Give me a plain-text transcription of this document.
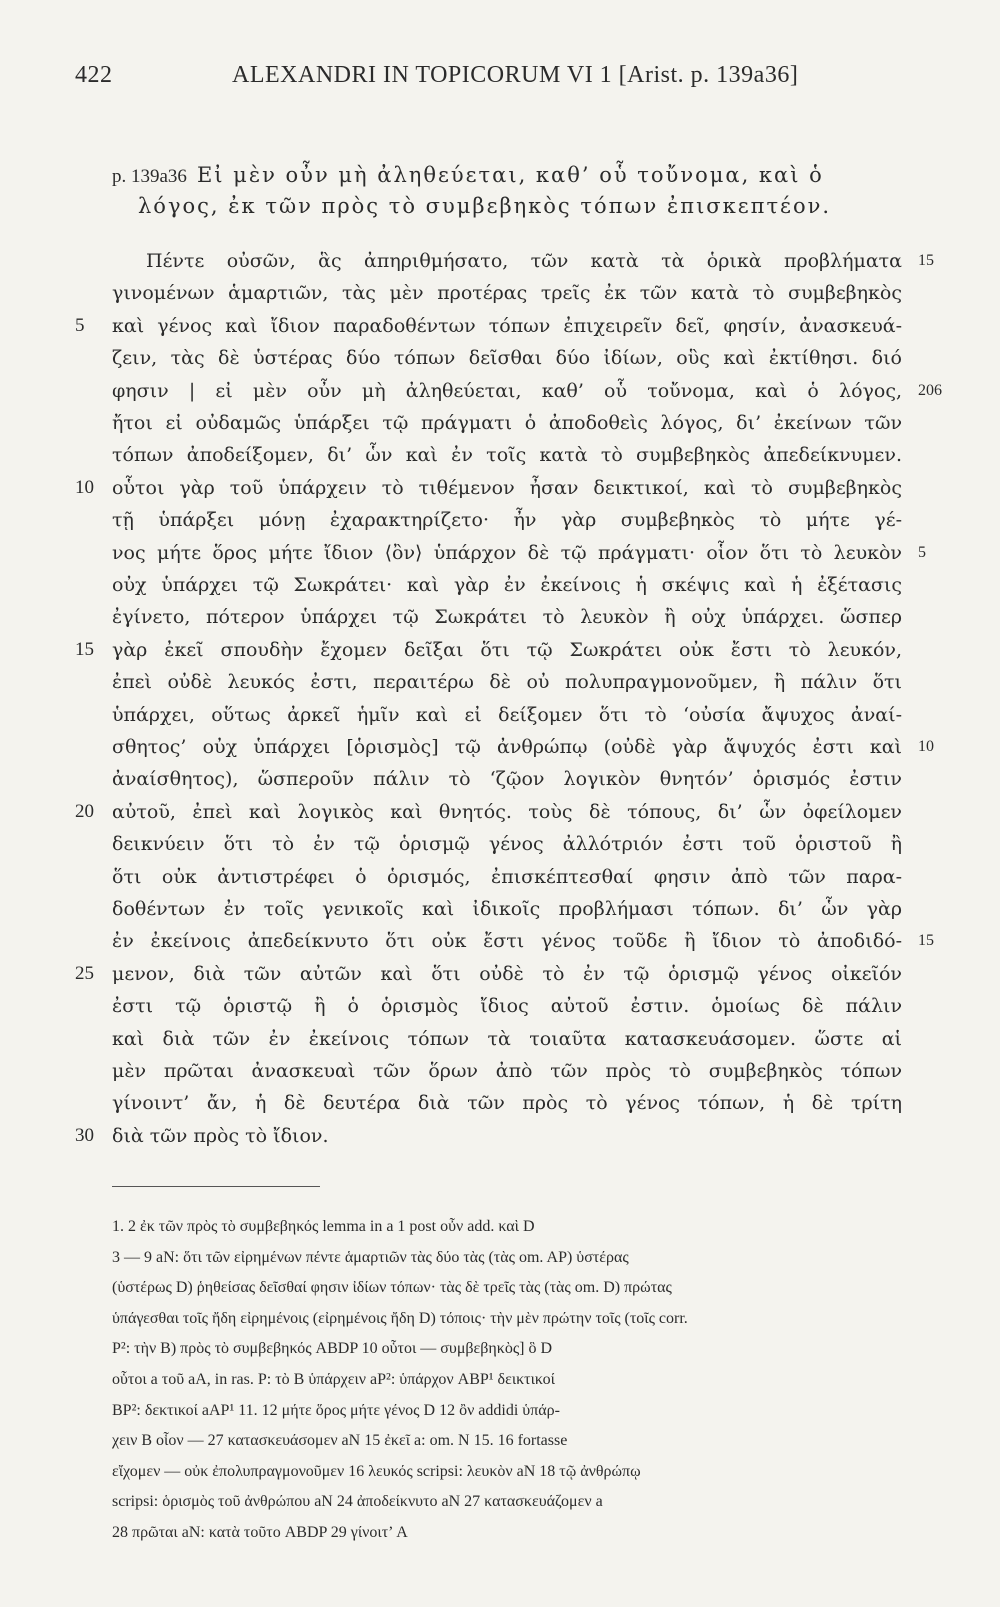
422	ALEXANDRI IN TOPICORUM VI 1 [Arist. p. 139a36]
p. 139a36 Εἰ μὲν οὖν μὴ ἀληθεύεται, καθ’ οὗ τοὔνομα, καὶ ὁ
λόγος, ἐκ τῶν πρὸς τὸ συμβεβηκὸς τόπων ἐπισκεπτέον.
Πέντε οὐσῶν, ἃς ἀπηριθμήσατο, τῶν κατὰ τὰ ὁρικὰ προβλήματα 15
γινομένων ἁμαρτιῶν, τὰς μὲν προτέρας τρεῖς ἐκ τῶν κατὰ τὸ συμβεβηκὸς
καὶ γένος καὶ ἴδιον παραδοθέντων τόπων ἐπιχειρεῖν δεῖ, φησίν, ἀνασκευά-
5
ζειν, τὰς δὲ ὑστέρας δύο τόπων δεῖσθαι δύο ἰδίων, οὓς καὶ ἐκτίθησι. διό
φησιν | εἰ μὲν οὖν μὴ ἀληθεύεται, καθ’ οὗ τοὔνομα, καὶ ὁ λόγος, 206
ἤτοι εἰ οὐδαμῶς ὑπάρξει τῷ πράγματι ὁ ἀποδοθεὶς λόγος, δι’ ἐκείνων τῶν
τόπων ἀποδείξομεν, δι’ ὧν καὶ ἐν τοῖς κατὰ τὸ συμβεβηκὸς ἀπεδείκνυμεν.
οὗτοι γὰρ τοῦ ὑπάρχειν τὸ τιθέμενον ἦσαν δεικτικοί, καὶ τὸ συμβεβηκὸς
10
τῇ ὑπάρξει μόνῃ ἐχαρακτηρίζετο· ἦν γὰρ συμβεβηκὸς τὸ μήτε γέ-
νος μήτε ὅρος μήτε ἴδιον ⟨ὂν⟩ ὑπάρχον δὲ τῷ πράγματι· οἷον ὅτι τὸ λευκὸν 5
οὐχ ὑπάρχει τῷ Σωκράτει· καὶ γὰρ ἐν ἐκείνοις ἡ σκέψις καὶ ἡ ἐξέτασις
ἐγίνετο, πότερον ὑπάρχει τῷ Σωκράτει τὸ λευκὸν ἢ οὐχ ὑπάρχει. ὥσπερ
γὰρ ἐκεῖ σπουδὴν ἔχομεν δεῖξαι ὅτι τῷ Σωκράτει οὐκ ἔστι τὸ λευκόν,
15
ἐπεὶ οὐδὲ λευκός ἐστι, περαιτέρω δὲ οὐ πολυπραγμονοῦμεν, ἢ πάλιν ὅτι
ὑπάρχει, οὕτως ἀρκεῖ ἡμῖν καὶ εἰ δείξομεν ὅτι τὸ ‘οὐσία ἄψυχος ἀναί-
σθητος’ οὐχ ὑπάρχει [ὁρισμὸς] τῷ ἀνθρώπῳ (οὐδὲ γὰρ ἄψυχός ἐστι καὶ 10
ἀναίσθητος), ὥσπεροῦν πάλιν τὸ ‘ζῷον λογικὸν θνητόν’ ὁρισμός ἐστιν
αὐτοῦ, ἐπεὶ καὶ λογικὸς καὶ θνητός. τοὺς δὲ τόπους, δι’ ὧν ὀφείλομεν
20
δεικνύειν ὅτι τὸ ἐν τῷ ὁρισμῷ γένος ἀλλότριόν ἐστι τοῦ ὁριστοῦ ἢ
ὅτι οὐκ ἀντιστρέφει ὁ ὁρισμός, ἐπισκέπτεσθαί φησιν ἀπὸ τῶν παρα-
δοθέντων ἐν τοῖς γενικοῖς καὶ ἰδικοῖς προβλήμασι τόπων. δι’ ὧν γὰρ
ἐν ἐκείνοις ἀπεδείκνυτο ὅτι οὐκ ἔστι γένος τοῦδε ἢ ἴδιον τὸ ἀποδιδό- 15
μενον, διὰ τῶν αὐτῶν καὶ ὅτι οὐδὲ τὸ ἐν τῷ ὁρισμῷ γένος οἰκεῖόν
25
ἐστι τῷ ὁριστῷ ἢ ὁ ὁρισμὸς ἴδιος αὐτοῦ ἐστιν. ὁμοίως δὲ πάλιν
καὶ διὰ τῶν ἐν ἐκείνοις τόπων τὰ τοιαῦτα κατασκευάσομεν. ὥστε αἱ
μὲν πρῶται ἀνασκευαὶ τῶν ὅρων ἀπὸ τῶν πρὸς τὸ συμβεβηκὸς τόπων
γίνοιντ’ ἄν, ἡ δὲ δευτέρα διὰ τῶν πρὸς τὸ γένος τόπων, ἡ δὲ τρίτη
διὰ τῶν πρὸς τὸ ἴδιον.
30
1. 2 ἐκ τῶν πρὸς τὸ συμβεβηκός lemma in a 1 post οὖν add. καὶ D
3 — 9 aN: ὅτι τῶν εἰρημένων πέντε ἁμαρτιῶν τὰς δύο τὰς (τὰς om. AP) ὑστέρας
(ὑστέρως D) ῥηθείσας δεῖσθαί φησιν ἰδίων τόπων· τὰς δὲ τρεῖς τὰς (τὰς om. D) πρώτας
ὑπάγεσθαι τοῖς ἤδη εἰρημένοις (εἰρημένοις ἤδη D) τόποις· τὴν μὲν πρώτην τοῖς (τοῖς corr.
P²: τὴν B) πρὸς τὸ συμβεβηκός ABDP 10 οὗτοι — συμβεβηκὸς] ὃ D
οὗτοι a τοῦ aA, in ras. P: τὸ B ὑπάρχειν aP²: ὑπάρχον ABP¹ δεικτικοί
BP²: δεκτικοί aAP¹ 11. 12 μήτε ὅρος μήτε γένος D 12 ὂν addidi ὑπάρ-
χειν B οἷον — 27 κατασκευάσομεν aN 15 ἐκεῖ a: om. N 15. 16 fortasse
εἴχομεν — οὐκ ἐπολυπραγμονοῦμεν 16 λευκός scripsi: λευκὸν aN 18 τῷ ἀνθρώπῳ
scripsi: ὁρισμὸς τοῦ ἀνθρώπου aN 24 ἀποδείκνυτο aN 27 κατασκευάζομεν a
28 πρῶται aN: κατὰ τοῦτο ABDP 29 γίνοιτ’ A
